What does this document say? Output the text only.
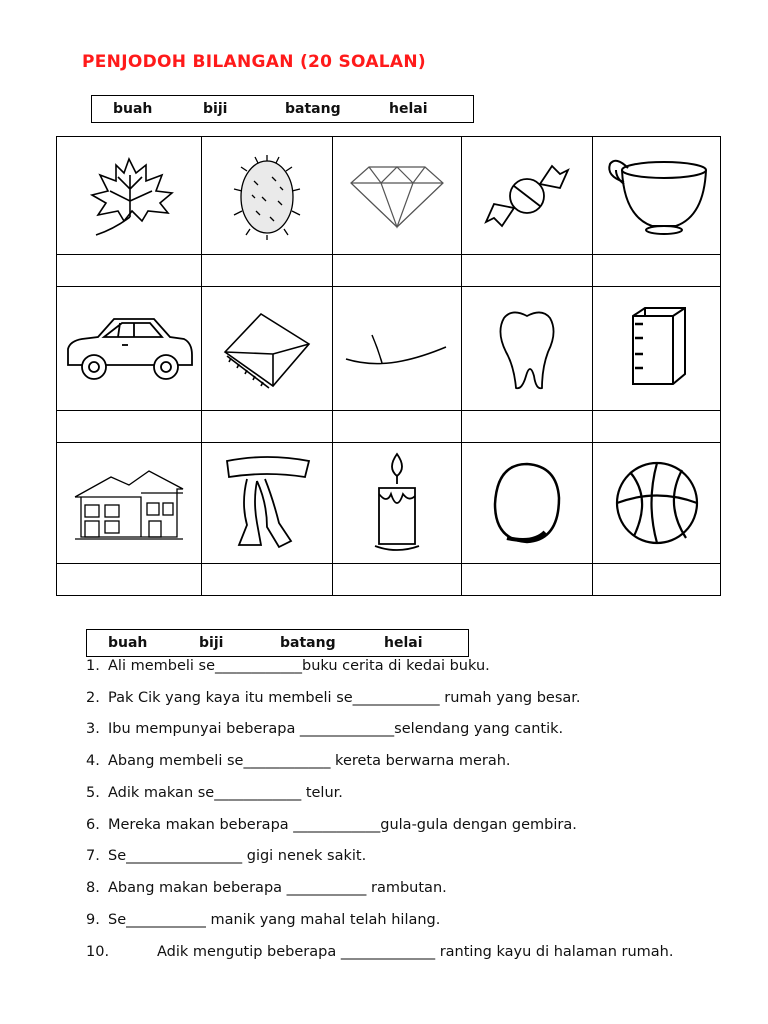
PENJODOH BILANGAN (20 SOALAN)
buah	biji	batang	helai

buah	biji	batang	helai
1. Ali membeli se____________buku cerita di kedai buku.
2. Pak Cik yang kaya itu membeli se____________ rumah yang besar.
3. Ibu mempunyai beberapa _____________selendang yang cantik.
4. Abang membeli se____________ kereta berwarna merah.
5. Adik makan se____________ telur.
6. Mereka makan beberapa ____________gula-gula dengan gembira.
7. Se________________ gigi nenek sakit.
8. Abang makan beberapa ___________ rambutan.
9. Se___________ manik yang mahal telah hilang.
10.	Adik mengutip beberapa _____________ ranting kayu di halaman rumah.
